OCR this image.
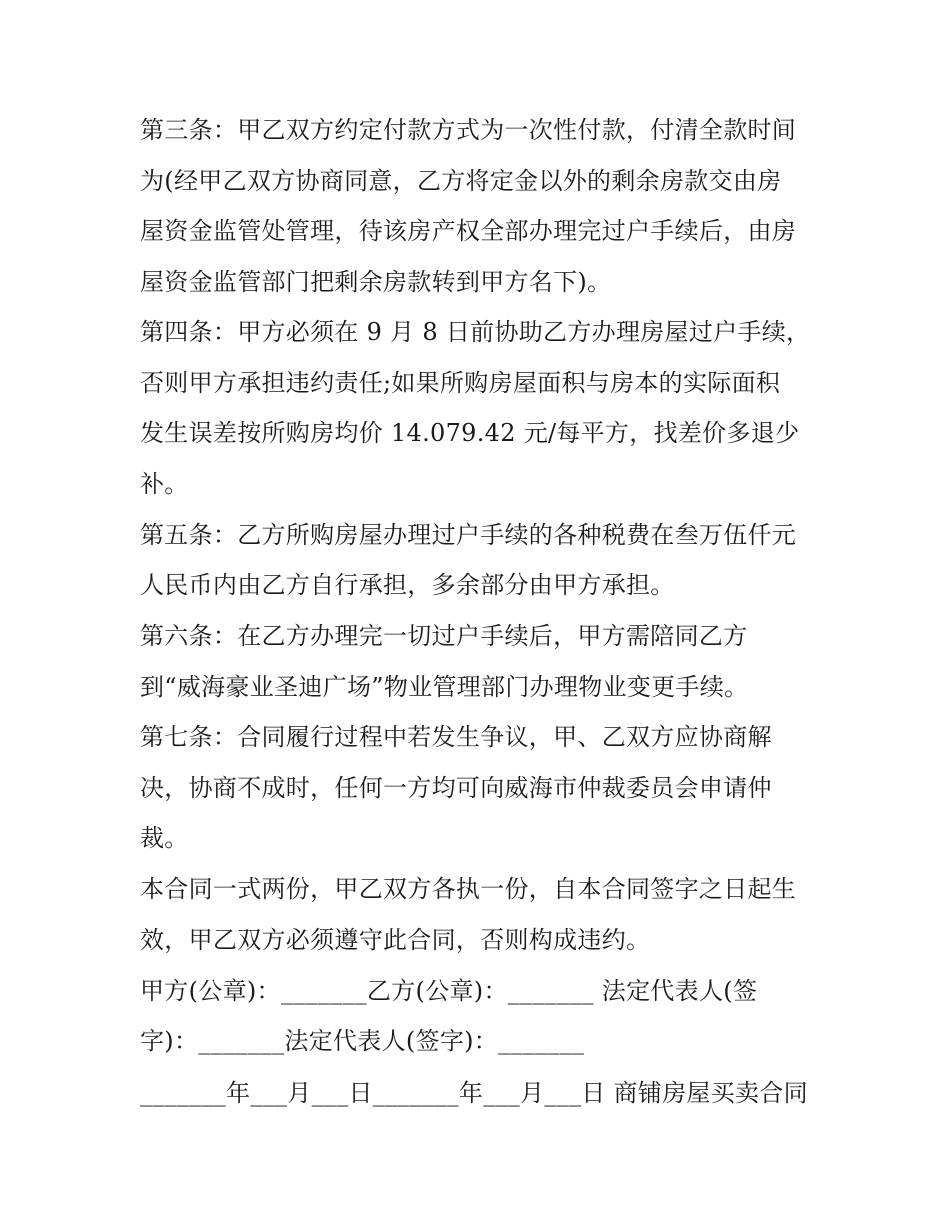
第三条：甲乙双方约定付款方式为一次性付款，付清全款时间
为(经甲乙双方协商同意，乙方将定金以外的剩余房款交由房
屋资金监管处管理，待该房产权全部办理完过户手续后，由房
屋资金监管部门把剩余房款转到甲方名下)。
第四条：甲方必须在 9 月 8 日前协助乙方办理房屋过户手续，
否则甲方承担违约责任;如果所购房屋面积与房本的实际面积
发生误差按所购房均价 14.079.42 元/每平方，找差价多退少
补。
第五条：乙方所购房屋办理过户手续的各种税费在叁万伍仟元
人民币内由乙方自行承担，多余部分由甲方承担。
第六条：在乙方办理完一切过户手续后，甲方需陪同乙方
到“威海豪业圣迪广场”物业管理部门办理物业变更手续。
第七条：合同履行过程中若发生争议，甲、乙双方应协商解
决，协商不成时，任何一方均可向威海市仲裁委员会申请仲
裁。
本合同一式两份，甲乙双方各执一份，自本合同签字之日起生
效，甲乙双方必须遵守此合同，否则构成违约。
甲方(公章)：_______乙方(公章)：_______ 法定代表人(签
字)：_______法定代表人(签字)：_______
_______年___月___日_______年___月___日 商铺房屋买卖合同
